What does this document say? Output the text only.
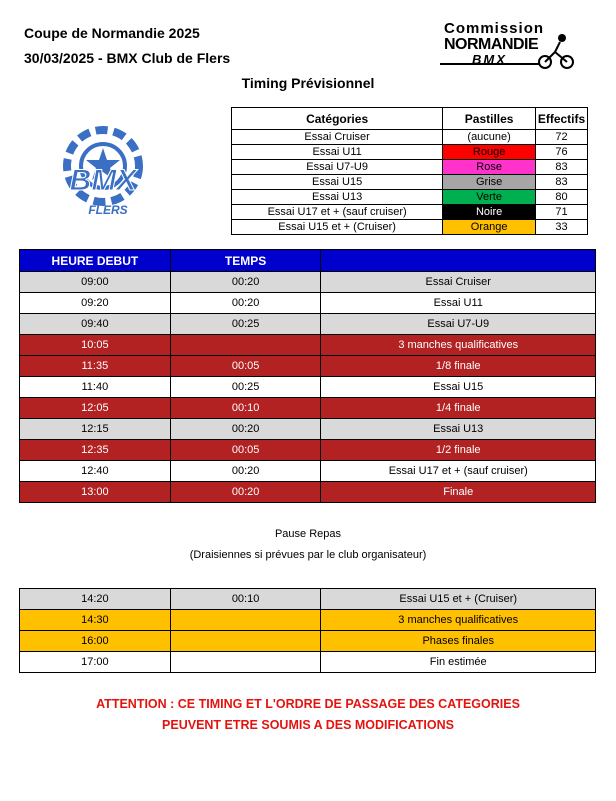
Coupe de Normandie 2025
30/03/2025 - BMX Club de Flers
Timing Prévisionnel
Commission
NORMANDIE
BMX
BMX
FLERS
Catégories	Pastilles	Effectifs
Essai Cruiser	(aucune)	72
Essai U11	Rouge	76
Essai U7-U9	Rose	83
Essai U15	Grise	83
Essai U13	Verte	80
Essai U17 et + (sauf cruiser)	Noire	71
Essai U15 et + (Cruiser)	Orange	33
HEURE DEBUT	TEMPS	
09:00	00:20	Essai Cruiser
09:20	00:20	Essai U11
09:40	00:25	Essai U7-U9
10:05		3 manches qualificatives
11:35	00:05	1/8 finale
11:40	00:25	Essai U15
12:05	00:10	1/4 finale
12:15	00:20	Essai U13
12:35	00:05	1/2 finale
12:40	00:20	Essai U17 et + (sauf cruiser)
13:00	00:20	Finale
Pause Repas
(Draisiennes si prévues par le club organisateur)
14:20	00:10	Essai U15 et + (Cruiser)
14:30		3 manches qualificatives
16:00		Phases finales
17:00		Fin estimée
ATTENTION : CE TIMING ET L'ORDRE DE PASSAGE DES CATEGORIES
PEUVENT ETRE SOUMIS A DES MODIFICATIONS
